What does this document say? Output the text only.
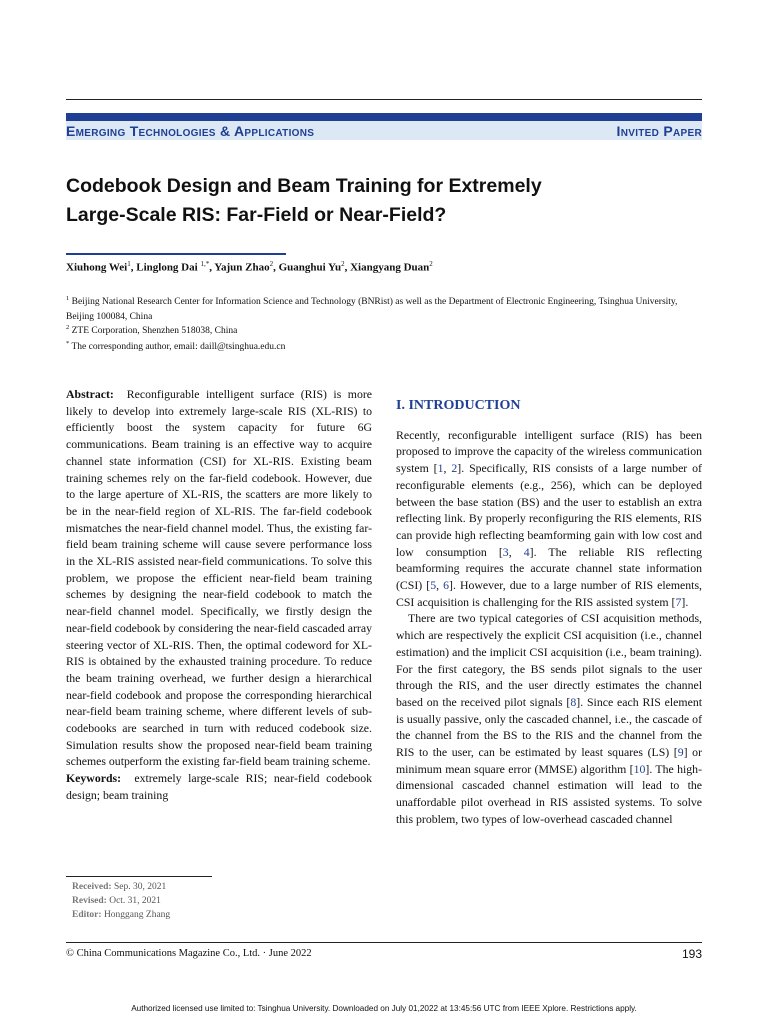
Emerging Technologies & Applications	Invited Paper
Codebook Design and Beam Training for Extremely
Large-Scale RIS: Far-Field or Near-Field?
Xiuhong Wei$^1$, Linglong Dai $^{1,*}$, Yajun Zhao$^2$, Guanghui Yu$^2$, Xiangyang Duan$^2$
$^1$ Beijing National Research Center for Information Science and Technology (BNRist) as well as the Department of Electronic Engineering, Tsinghua University, Beijing 100084, China
$^2$ ZTE Corporation, Shenzhen 518038, China
* The corresponding author, email: daill@tsinghua.edu.cn

Abstract: Reconfigurable intelligent surface (RIS) is more likely to develop into extremely large-scale RIS (XL-RIS) to efficiently boost the system capacity for future 6G communications. Beam training is an effective way to acquire channel state information (CSI) for XL-RIS. Existing beam training schemes rely on the far-field codebook. However, due to the large aperture of XL-RIS, the scatters are more likely to be in the near-field region of XL-RIS. The far-field codebook mismatches the near-field channel model. Thus, the existing far-field beam training scheme will cause severe performance loss in the XL-RIS assisted near-field communications. To solve this problem, we propose the efficient near-field beam training schemes by designing the near-field codebook to match the near-field channel model. Specifically, we firstly design the near-field codebook by considering the near-field cascaded array steering vector of XL-RIS. Then, the optimal codeword for XL-RIS is obtained by the exhausted training procedure. To reduce the beam training overhead, we further design a hierarchical near-field codebook and propose the corresponding hierarchical near-field beam training scheme, where different levels of sub-codebooks are searched in turn with reduced codebook size. Simulation results show the proposed near-field beam training schemes outperform the existing far-field beam training scheme.

Keywords: extremely large-scale RIS; near-field codebook design; beam training

I. INTRODUCTION

Recently, reconfigurable intelligent surface (RIS) has been proposed to improve the capacity of the wireless communication system [1, 2]. Specifically, RIS consists of a large number of reconfigurable elements (e.g., 256), which can be deployed between the base station (BS) and the user to establish an extra reflecting link. By properly reconfiguring the RIS elements, RIS can provide high reflecting beamforming gain with low cost and low consumption [3, 4]. The reliable RIS reflecting beamforming requires the accurate channel state information (CSI) [5, 6]. However, due to a large number of RIS elements, CSI acquisition is challenging for the RIS assisted system [7].

There are two typical categories of CSI acquisition methods, which are respectively the explicit CSI acquisition (i.e., channel estimation) and the implicit CSI acquisition (i.e., beam training). For the first category, the BS sends pilot signals to the user through the RIS, and the user directly estimates the channel based on the received pilot signals [8]. Since each RIS element is usually passive, only the cascaded channel, i.e., the cascade of the channel from the BS to the RIS and the channel from the RIS to the user, can be estimated by least squares (LS) [9] or minimum mean square error (MMSE) algorithm [10]. The high-dimensional cascaded channel estimation will lead to the unaffordable pilot overhead in RIS assisted systems. To solve this problem, two types of low-overhead cascaded channel

Received: Sep. 30, 2021
Revised: Oct. 31, 2021
Editor: Honggang Zhang
© China Communications Magazine Co., Ltd. · June 2022	193
Authorized licensed use limited to: Tsinghua University. Downloaded on July 01,2022 at 13:45:56 UTC from IEEE Xplore. Restrictions apply.
